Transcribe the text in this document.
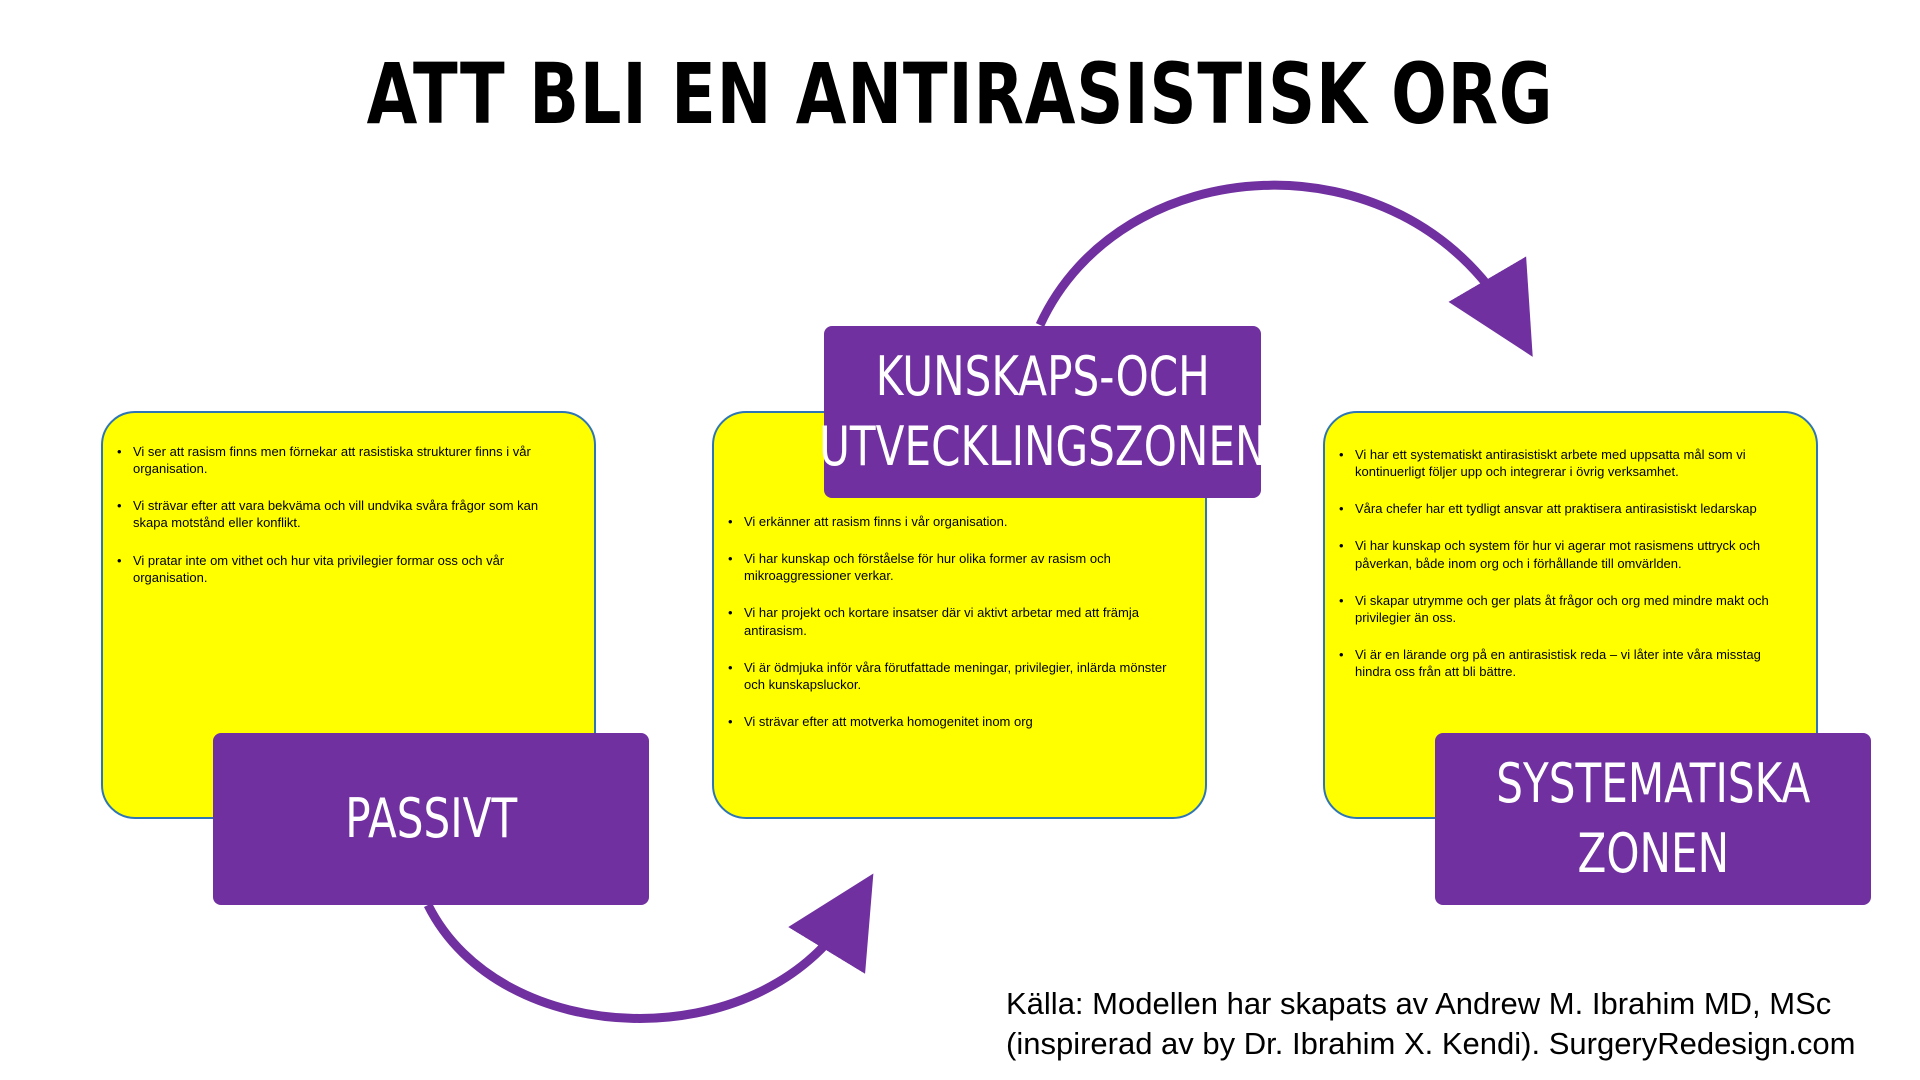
ATT BLI EN ANTIRASISTISK ORG
• Vi ser att rasism finns men förnekar att rasistiska strukturer finns i vår organisation.
• Vi strävar efter att vara bekväma och vill undvika svåra frågor som kan skapa motstånd eller konflikt.
• Vi pratar inte om vithet och hur vita privilegier formar oss och vår organisation.
• Vi erkänner att rasism finns i vår organisation.
• Vi har kunskap och förståelse för hur olika former av rasism och mikroaggressioner verkar.
• Vi har projekt och kortare insatser där vi aktivt arbetar med att främja antirasism.
• Vi är ödmjuka inför våra förutfattade meningar, privilegier, inlärda mönster och kunskapsluckor.
• Vi strävar efter att motverka homogenitet inom org
• Vi har ett systematiskt antirasistiskt arbete med uppsatta mål som vi kontinuerligt följer upp och integrerar i övrig verksamhet.
• Våra chefer har ett tydligt ansvar att praktisera antirasistiskt ledarskap
• Vi har kunskap och system för hur vi agerar mot rasismens uttryck och påverkan, både inom org och i förhållande till omvärlden.
• Vi skapar utrymme och ger plats åt frågor och org med mindre makt och privilegier än oss.
• Vi är en lärande org på en antirasistisk reda – vi låter inte våra misstag hindra oss från att bli bättre.
PASSIVT
KUNSKAPS-OCH
UTVECKLINGSZONEN
SYSTEMATISKA
ZONEN
Källa: Modellen har skapats av Andrew M. Ibrahim MD, MSc
(inspirerad av by Dr. Ibrahim X. Kendi). SurgeryRedesign.com
